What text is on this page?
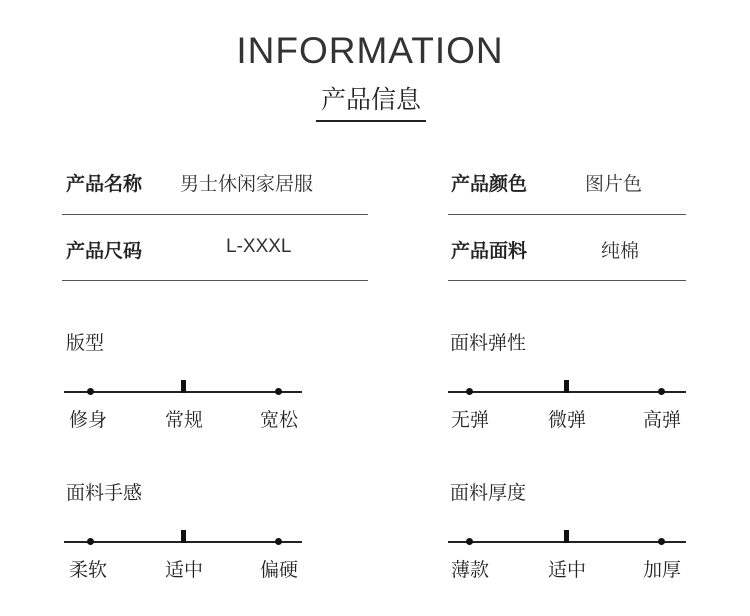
INFORMATION
产品信息
产品名称 男士休闲家居服	产品颜色	图片色
产品尺码	L-XXXL	产品面料	纯棉
版型
修身	常规	宽松
面料弹性
无弹	微弹	高弹
面料手感
柔软	适中	偏硬
面料厚度
薄款	适中	加厚
